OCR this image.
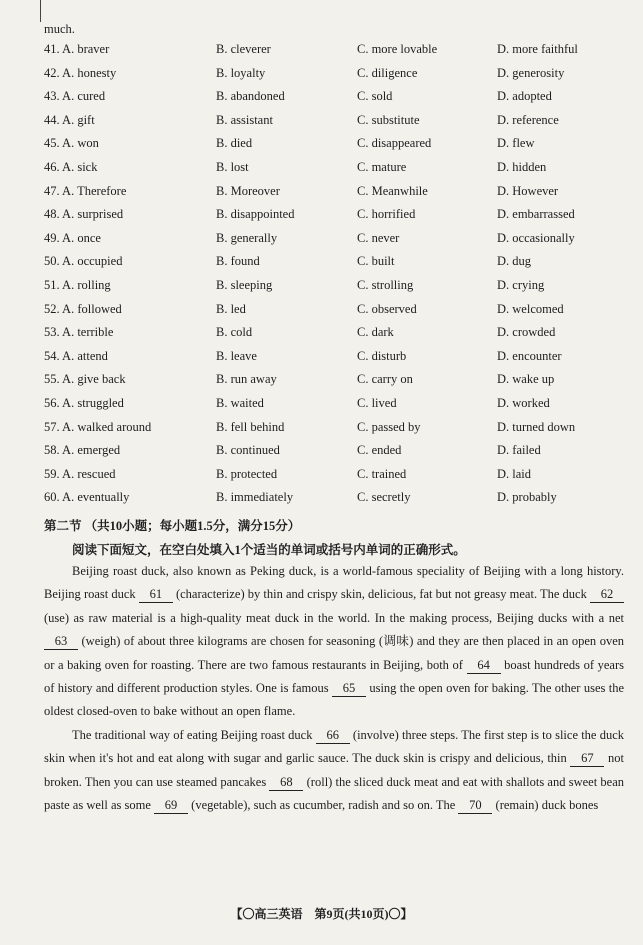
much.
41. A. braver	B. cleverer	C. more lovable	D. more faithful
42. A. honesty	B. loyalty	C. diligence	D. generosity
43. A. cured	B. abandoned	C. sold	D. adopted
44. A. gift	B. assistant	C. substitute	D. reference
45. A. won	B. died	C. disappeared	D. flew
46. A. sick	B. lost	C. mature	D. hidden
47. A. Therefore	B. Moreover	C. Meanwhile	D. However
48. A. surprised	B. disappointed	C. horrified	D. embarrassed
49. A. once	B. generally	C. never	D. occasionally
50. A. occupied	B. found	C. built	D. dug
51. A. rolling	B. sleeping	C. strolling	D. crying
52. A. followed	B. led	C. observed	D. welcomed
53. A. terrible	B. cold	C. dark	D. crowded
54. A. attend	B. leave	C. disturb	D. encounter
55. A. give back	B. run away	C. carry on	D. wake up
56. A. struggled	B. waited	C. lived	D. worked
57. A. walked around	B. fell behind	C. passed by	D. turned down
58. A. emerged	B. continued	C. ended	D. failed
59. A. rescued	B. protected	C. trained	D. laid
60. A. eventually	B. immediately	C. secretly	D. probably
第二节 （共10小题；每小题1.5分，满分15分）
阅读下面短文，在空白处填入1个适当的单词或括号内单词的正确形式。

Beijing roast duck, also known as Peking duck, is a world-famous speciality of Beijing with a long history. Beijing roast duck 61 (characterize) by thin and crispy skin, delicious, fat but not greasy meat. The duck 62 (use) as raw material is a high-quality meat duck in the world. In the making process, Beijing ducks with a net 63 (weigh) of about three kilograms are chosen for seasoning (调味) and they are then placed in an open oven or a baking oven for roasting. There are two famous restaurants in Beijing, both of 64 boast hundreds of years of history and different production styles. One is famous 65 using the open oven for baking. The other uses the oldest closed-oven to bake without an open flame.

The traditional way of eating Beijing roast duck 66 (involve) three steps. The first step is to slice the duck skin when it's hot and eat along with sugar and garlic sauce. The duck skin is crispy and delicious, thin 67 not broken. Then you can use steamed pancakes 68 (roll) the sliced duck meat and eat with shallots and sweet bean paste as well as some 69 (vegetable), such as cucumber, radish and so on. The 70 (remain) duck bones

【〇高三英语　第9页(共10页)〇】
